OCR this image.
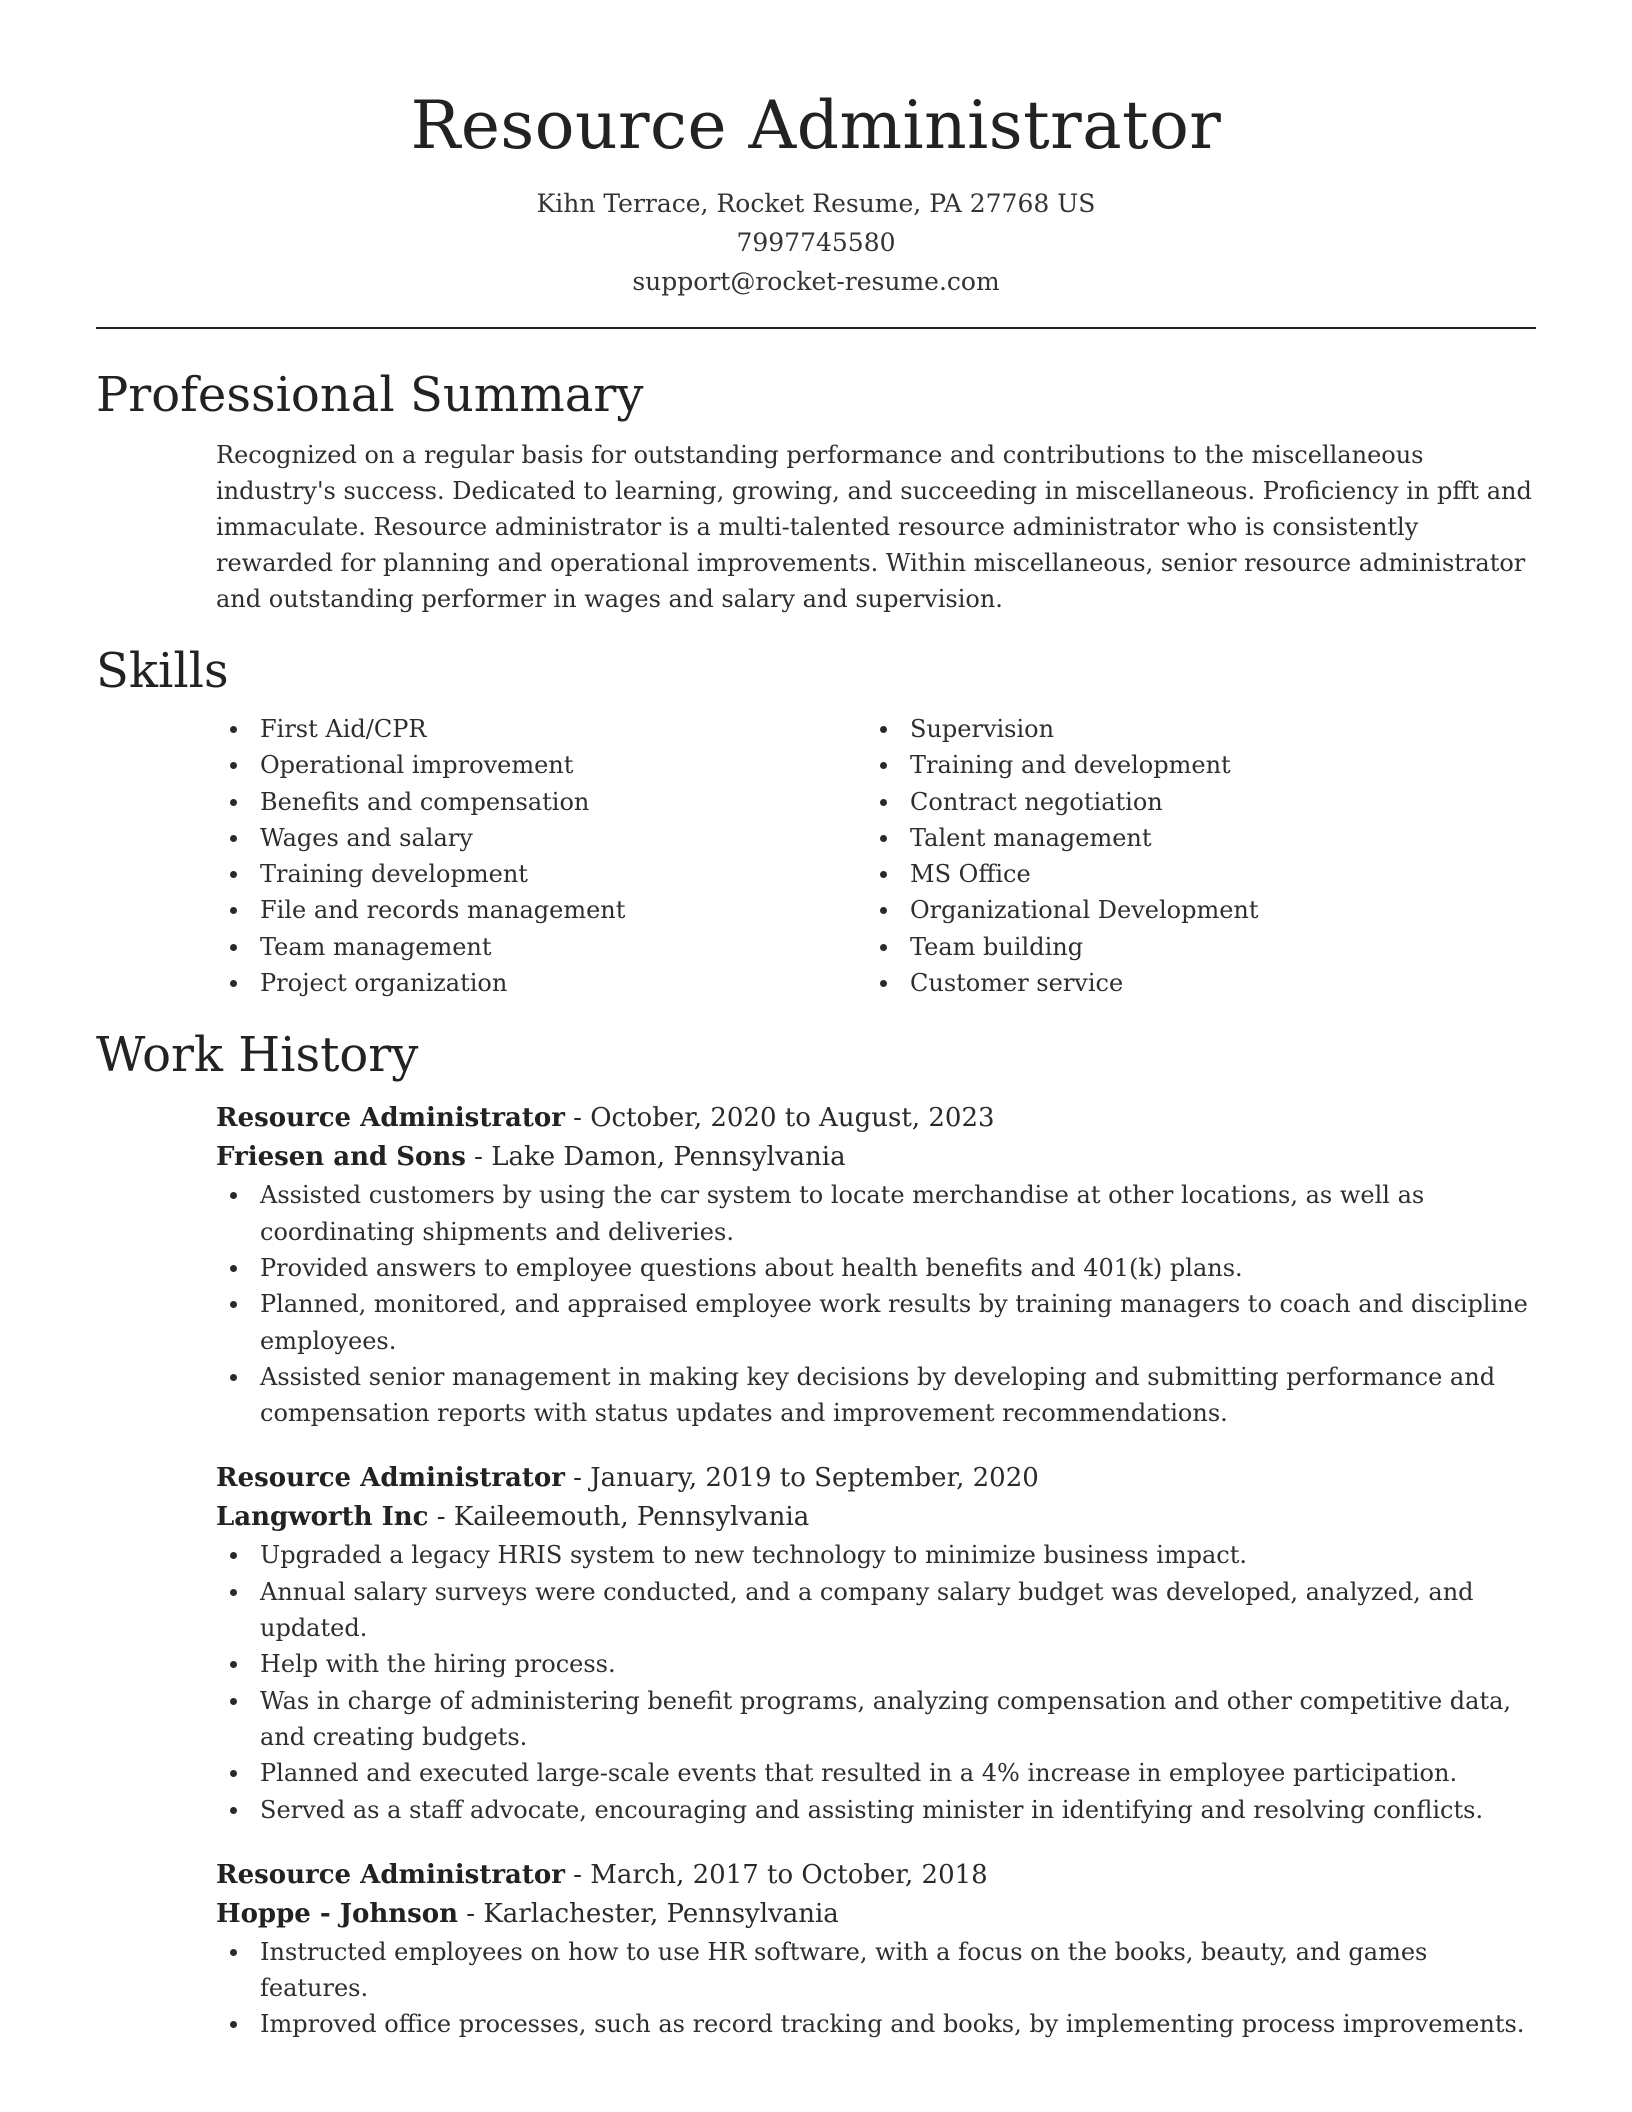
Resource Administrator
Kihn Terrace, Rocket Resume, PA 27768 US
7997745580
support@rocket-resume.com
Professional Summary
Recognized on a regular basis for outstanding performance and contributions to the miscellaneous industry's success. Dedicated to learning, growing, and succeeding in miscellaneous. Proficiency in pfft and immaculate. Resource administrator is a multi-talented resource administrator who is consistently rewarded for planning and operational improvements. Within miscellaneous, senior resource administrator and outstanding performer in wages and salary and supervision.
Skills
First Aid/CPR
Operational improvement
Benefits and compensation
Wages and salary
Training development
File and records management
Team management
Project organization
Supervision
Training and development
Contract negotiation
Talent management
MS Office
Organizational Development
Team building
Customer service
Work History
Resource Administrator - October, 2020 to August, 2023
Friesen and Sons - Lake Damon, Pennsylvania
Assisted customers by using the car system to locate merchandise at other locations, as well as coordinating shipments and deliveries.
Provided answers to employee questions about health benefits and 401(k) plans.
Planned, monitored, and appraised employee work results by training managers to coach and discipline employees.
Assisted senior management in making key decisions by developing and submitting performance and compensation reports with status updates and improvement recommendations.
Resource Administrator - January, 2019 to September, 2020
Langworth Inc - Kaileemouth, Pennsylvania
Upgraded a legacy HRIS system to new technology to minimize business impact.
Annual salary surveys were conducted, and a company salary budget was developed, analyzed, and updated.
Help with the hiring process.
Was in charge of administering benefit programs, analyzing compensation and other competitive data, and creating budgets.
Planned and executed large-scale events that resulted in a 4% increase in employee participation.
Served as a staff advocate, encouraging and assisting minister in identifying and resolving conflicts.
Resource Administrator - March, 2017 to October, 2018
Hoppe - Johnson - Karlachester, Pennsylvania
Instructed employees on how to use HR software, with a focus on the books, beauty, and games features.
Improved office processes, such as record tracking and books, by implementing process improvements.
